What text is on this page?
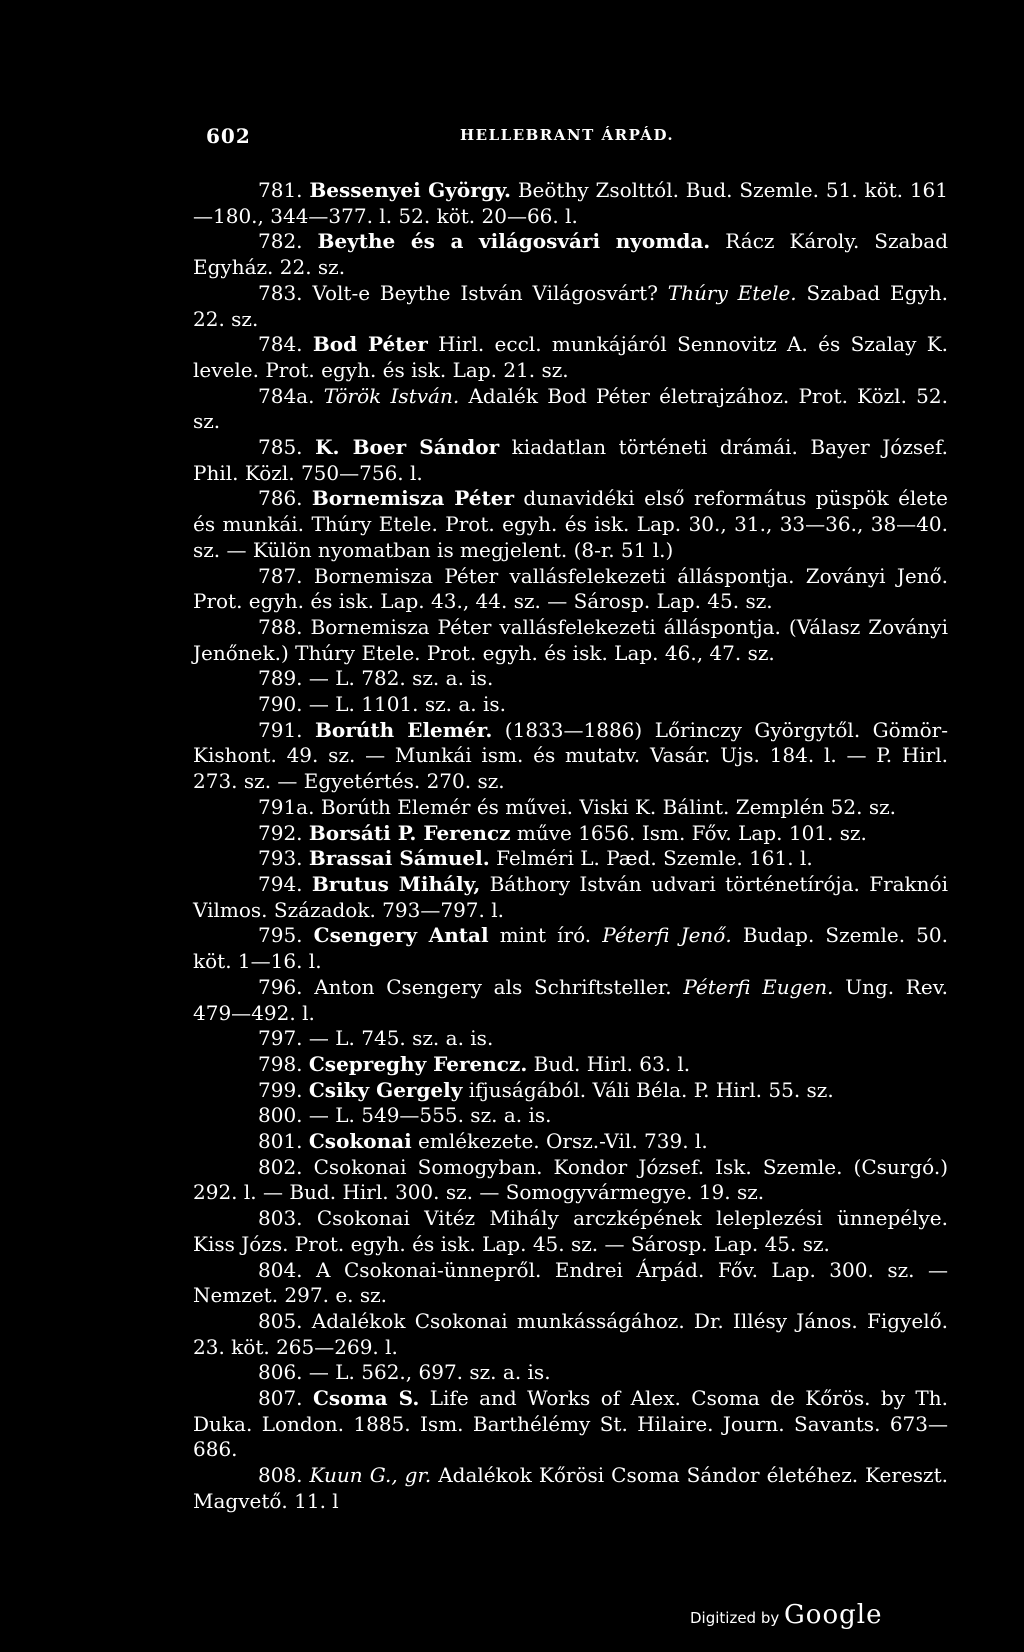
602	HELLEBRANT ÁRPÁD.

781. Bessenyei György. Beöthy Zsolttól. Bud. Szemle. 51. köt. 161—180., 344—377. l. 52. köt. 20—66. l.

782. Beythe és a világosvári nyomda. Rácz Károly. Szabad Egyház. 22. sz.

783. Volt-e Beythe István Világosvárt? Thúry Etele. Szabad Egyh. 22. sz.

784. Bod Péter Hirl. eccl. munkájáról Sennovitz A. és Szalay K. levele. Prot. egyh. és isk. Lap. 21. sz.

784a. Török István. Adalék Bod Péter életrajzához. Prot. Közl. 52. sz.

785. K. Boer Sándor kiadatlan történeti drámái. Bayer József. Phil. Közl. 750—756. l.

786. Bornemisza Péter dunavidéki első református püspök élete és munkái. Thúry Etele. Prot. egyh. és isk. Lap. 30., 31., 33—36., 38—40. sz. — Külön nyomatban is megjelent. (8-r. 51 l.)

787. Bornemisza Péter vallásfelekezeti álláspontja. Zoványi Jenő. Prot. egyh. és isk. Lap. 43., 44. sz. — Sárosp. Lap. 45. sz.

788. Bornemisza Péter vallásfelekezeti álláspontja. (Válasz Zoványi Jenőnek.) Thúry Etele. Prot. egyh. és isk. Lap. 46., 47. sz.

789. — L. 782. sz. a. is.

790. — L. 1101. sz. a. is.

791. Borúth Elemér. (1833—1886) Lőrinczy Györgytől. Gömör-Kishont. 49. sz. — Munkái ism. és mutatv. Vasár. Ujs. 184. l. — P. Hirl. 273. sz. — Egyetértés. 270. sz.

791a. Borúth Elemér és művei. Viski K. Bálint. Zemplén 52. sz.

792. Borsáti P. Ferencz műve 1656. Ism. Főv. Lap. 101. sz.

793. Brassai Sámuel. Felméri L. Pæd. Szemle. 161. l.

794. Brutus Mihály, Báthory István udvari történetírója. Fraknói Vilmos. Századok. 793—797. l.

795. Csengery Antal mint író. Péterfi Jenő. Budap. Szemle. 50. köt. 1—16. l.

796. Anton Csengery als Schriftsteller. Péterfi Eugen. Ung. Rev. 479—492. l.

797. — L. 745. sz. a. is.

798. Csepreghy Ferencz. Bud. Hirl. 63. l.

799. Csiky Gergely ifjuságából. Váli Béla. P. Hirl. 55. sz.

800. — L. 549—555. sz. a. is.

801. Csokonai emlékezete. Orsz.-Vil. 739. l.

802. Csokonai Somogyban. Kondor József. Isk. Szemle. (Csurgó.) 292. l. — Bud. Hirl. 300. sz. — Somogyvármegye. 19. sz.

803. Csokonai Vitéz Mihály arczképének leleplezési ünnepélye. Kiss Józs. Prot. egyh. és isk. Lap. 45. sz. — Sárosp. Lap. 45. sz.

804. A Csokonai-ünnepről. Endrei Árpád. Főv. Lap. 300. sz. — Nemzet. 297. e. sz.

805. Adalékok Csokonai munkásságához. Dr. Illésy János. Figyelő. 23. köt. 265—269. l.

806. — L. 562., 697. sz. a. is.

807. Csoma S. Life and Works of Alex. Csoma de Kőrös. by Th. Duka. London. 1885. Ism. Barthélémy St. Hilaire. Journ. Savants. 673—686.

808. Kuun G., gr. Adalékok Kőrösi Csoma Sándor életéhez. Kereszt. Magvető. 11. l

Digitized by Google
